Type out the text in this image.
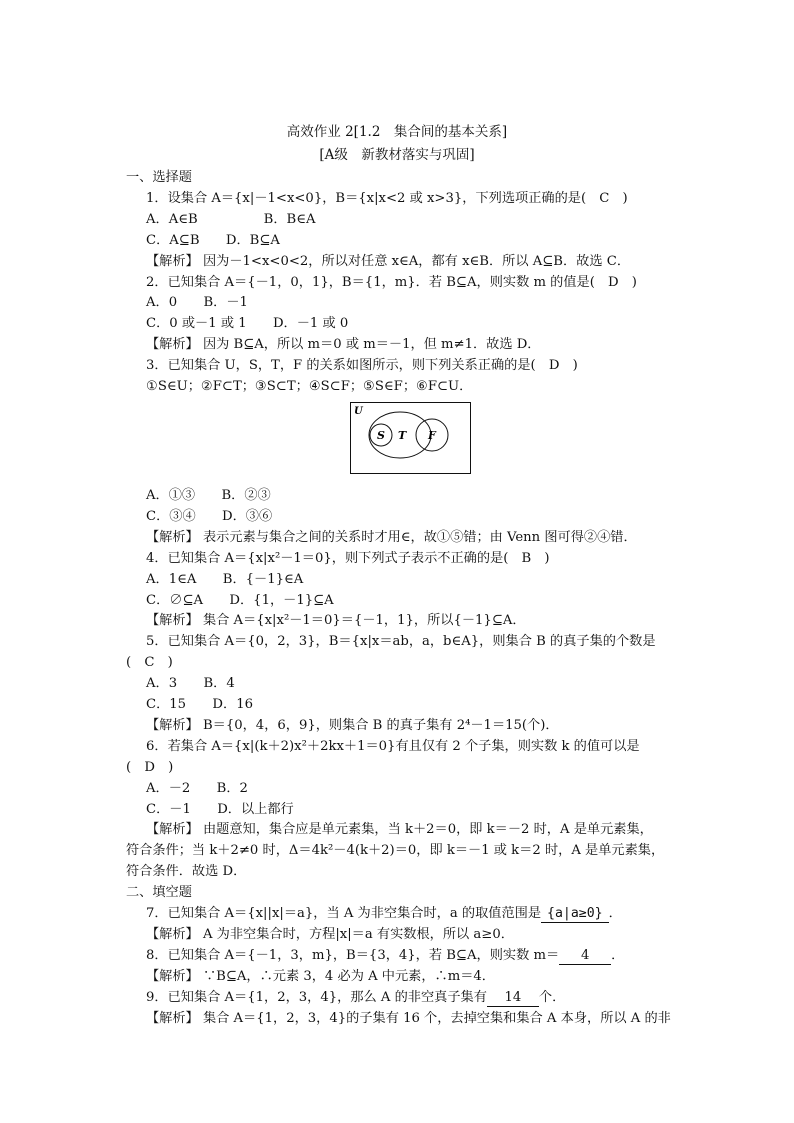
高效作业 2[1.2　集合间的基本关系]
[A级　新教材落实与巩固]
一、选择题
1．设集合 A＝{x|－1<x<0}，B＝{x|x<2 或 x>3}，下列选项正确的是(　C　)
A．A∈B　　　　　B．B∈A
C．A⊆B　　D．B⊆A
【解析】 因为－1<x<0<2，所以对任意 x∈A，都有 x∈B．所以 A⊆B．故选 C．
2．已知集合 A＝{－1，0，1}，B＝{1，m}．若 B⊆A，则实数 m 的值是(　D　)
A．0　　B．－1
C．0 或－1 或 1　　D．－1 或 0
【解析】 因为 B⊆A，所以 m＝0 或 m＝－1，但 m≠1．故选 D．
3．已知集合 U，S，T，F 的关系如图所示，则下列关系正确的是(　D　)
①S∈U；②F⊂T；③S⊂T；④S⊂F；⑤S∈F；⑥F⊂U．
U
S T F
A．①③　　B．②③
C．③④　　D．③⑥
【解析】 表示元素与集合之间的关系时才用∈，故①⑤错；由 Venn 图可得②④错．
4．已知集合 A＝{x|x²－1＝0}，则下列式子表示不正确的是(　B　)
A．1∈A　　B．{－1}∈A
C．∅⊆A　　D．{1，－1}⊆A
【解析】 集合 A＝{x|x²－1＝0}＝{－1，1}，所以{－1}⊆A．
5．已知集合 A＝{0，2，3}，B＝{x|x＝ab，a，b∈A}，则集合 B 的真子集的个数是
(　C　)
A．3　　B．4
C．15　　D．16
【解析】 B＝{0，4，6，9}，则集合 B 的真子集有 2⁴－1＝15(个)．
6．若集合 A＝{x|(k＋2)x²＋2kx＋1＝0}有且仅有 2 个子集，则实数 k 的值可以是
(　D　)
A．－2　　B．2
C．－1　　D．以上都行
【解析】 由题意知，集合应是单元素集，当 k＋2＝0，即 k＝－2 时，A 是单元素集，
符合条件；当 k＋2≠0 时，Δ＝4k²－4(k＋2)＝0，即 k＝－1 或 k＝2 时，A 是单元素集，
符合条件．故选 D．
二、填空题
7．已知集合 A＝{x||x|＝a}，当 A 为非空集合时，a 的取值范围是 {a|a≥0} ．
【解析】 A 为非空集合时，方程|x|＝a 有实数根，所以 a≥0．
8．已知集合 A＝{－1，3，m}，B＝{3，4}，若 B⊆A，则实数 m＝ 4 ．
【解析】 ∵B⊆A，∴元素 3，4 必为 A 中元素，∴m＝4．
9．已知集合 A＝{1，2，3，4}，那么 A 的非空真子集有 14 个．
【解析】 集合 A＝{1，2，3，4}的子集有 16 个，去掉空集和集合 A 本身，所以 A 的非
